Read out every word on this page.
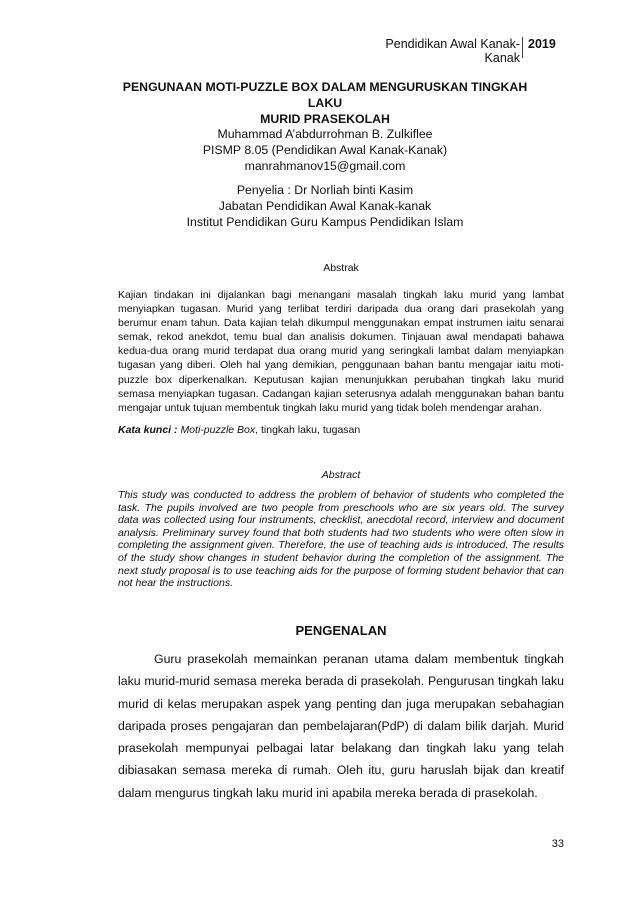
Pendidikan Awal Kanak-Kanak
2019
PENGUNAAN MOTI-PUZZLE BOX DALAM MENGURUSKAN TINGKAH LAKU
MURID PRASEKOLAH
Muhammad A’abdurrohman B. Zulkiflee
PISMP 8.05 (Pendidikan Awal Kanak-Kanak)
manrahmanov15@gmail.com
Penyelia : Dr Norliah binti Kasim
Jabatan Pendidikan Awal Kanak-kanak
Institut Pendidikan Guru Kampus Pendidikan Islam
Abstrak
Kajian tindakan ini dijalankan bagi menangani masalah tingkah laku murid yang lambat menyiapkan tugasan. Murid yang terlibat terdiri daripada dua orang dari prasekolah yang berumur enam tahun. Data kajian telah dikumpul menggunakan empat instrumen iaitu senarai semak, rekod anekdot, temu bual dan analisis dokumen. Tinjauan awal mendapati bahawa kedua-dua orang murid terdapat dua orang murid yang seringkali lambat dalam menyiapkan tugasan yang diberi. Oleh hal yang demikian, penggunaan bahan bantu mengajar iaitu moti-puzzle box diperkenalkan. Keputusan kajian menunjukkan perubahan tingkah laku murid semasa menyiapkan tugasan. Cadangan kajian seterusnya adalah menggunakan bahan bantu mengajar untuk tujuan membentuk tingkah laku murid yang tidak boleh mendengar arahan.
Kata kunci : Moti-puzzle Box, tingkah laku, tugasan
Abstract
This study was conducted to address the problem of behavior of students who completed the task. The pupils involved are two people from preschools who are six years old. The survey data was collected using four instruments, checklist, anecdotal record, interview and document analysis. Preliminary survey found that both students had two students who were often slow in completing the assignment given. Therefore, the use of teaching aids is introduced. The results of the study show changes in student behavior during the completion of the assignment. The next study proposal is to use teaching aids for the purpose of forming student behavior that can not hear the instructions.
PENGENALAN

Guru prasekolah memainkan peranan utama dalam membentuk tingkah laku murid-murid semasa mereka berada di prasekolah. Pengurusan tingkah laku murid di kelas merupakan aspek yang penting dan juga merupakan sebahagian daripada proses pengajaran dan pembelajaran(PdP) di dalam bilik darjah. Murid prasekolah mempunyai pelbagai latar belakang dan tingkah laku yang telah dibiasakan semasa mereka di rumah. Oleh itu, guru haruslah bijak dan kreatif dalam mengurus tingkah laku murid ini apabila mereka berada di prasekolah.

33
